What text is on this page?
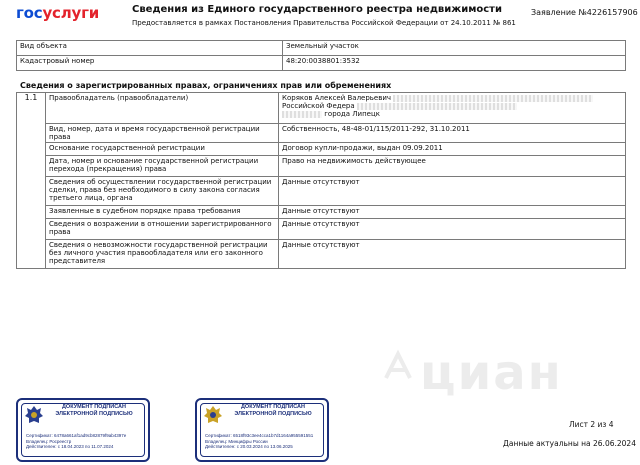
госуслуги	Сведения из Единого государственного реестра недвижимости
Предоставляется в рамках Постановления Правительства Российской Федерации от 24.10.2011 № 861
Заявление №4226157906
Вид объекта	Земельный участок
Кадастровый номер	48:20:0038801:3532
Сведения о зарегистрированных правах, ограничениях прав или обременениях
1.1	Правообладатель (правообладатели)	Коряков Алексей Валерьевич
Российской Федера
города Липецк

	Вид, номер, дата и время государственной регистрации права	Собственность, 48-48-01/115/2011-292, 31.10.2011
	Основание государственной регистрации	Договор купли-продажи, выдан 09.09.2011
	Дата, номер и основание государственной регистрации перехода (прекращения) права	Право на недвижимость действующее
	Сведения об осуществлении государственной регистрации сделки, права без необходимого в силу закона согласия третьего лица, органа	Данные отсутствуют
	Заявленные в судебном порядке права требования	Данные отсутствуют
	Сведения о возражении в отношении зарегистрированного права	Данные отсутствуют
	Сведения о невозможности государственной регистрации без личного участия правообладателя или его законного представителя	Данные отсутствуют
циан
ДОКУМЕНТ ПОДПИСАН ЭЛЕКТРОННОЙ ПОДПИСЬЮ
Сертификат: 6478a661af1ad9cb82879f9ab4397e
Владелец: Росреестр
Действителен: с 18.04.2023 по 11.07.2024
ДОКУМЕНТ ПОДПИСАН ЭЛЕКТРОННОЙ ПОДПИСЬЮ
Сертификат: 6518f93c3ee4cca1b7d1164a955591551
Владелец: Минцифры России
Действителен: с 20.03.2024 по 13.06.2025
Лист 2 из 4
Данные актуальны на 26.06.2024
